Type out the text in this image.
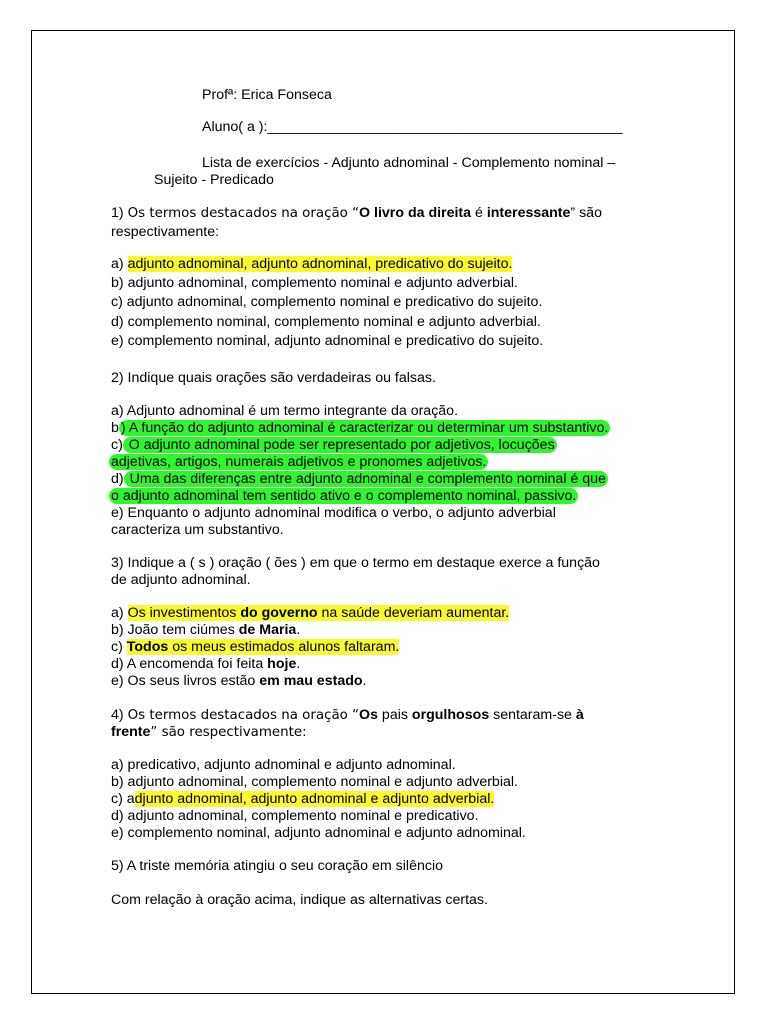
Profª: Erica Fonseca
Aluno( a ):_____________________________________________
Lista de exercícios - Adjunto adnominal - Complemento nominal –
Sujeito - Predicado
1) Os termos destacados na oração “O livro da direita é interessante” são
respectivamente:
a) adjunto adnominal, adjunto adnominal, predicativo do sujeito.
b) adjunto adnominal, complemento nominal e adjunto adverbial.
c) adjunto adnominal, complemento nominal e predicativo do sujeito.
d) complemento nominal, complemento nominal e adjunto adverbial.
e) complemento nominal, adjunto adnominal e predicativo do sujeito.
2) Indique quais orações são verdadeiras ou falsas.
a) Adjunto adnominal é um termo integrante da oração.
b ) A função do adjunto adnominal é caracterizar ou determinar um substantivo.
c) O adjunto adnominal pode ser representado por adjetivos, locuções
adjetivas, artigos, numerais adjetivos e pronomes adjetivos.
d) Uma das diferenças entre adjunto adnominal e complemento nominal é que
o adjunto adnominal tem sentido ativo e o complemento nominal, passivo.
e) Enquanto o adjunto adnominal modifica o verbo, o adjunto adverbial
caracteriza um substantivo.
3) Indique a ( s ) oração ( ões ) em que o termo em destaque exerce a função
de adjunto adnominal.
a) Os investimentos do governo na saúde deveriam aumentar.
b) João tem ciúmes de Maria.
c) Todos os meus estimados alunos faltaram.
d) A encomenda foi feita hoje.
e) Os seus livros estão em mau estado.
4) Os termos destacados na oração “Os pais orgulhosos sentaram-se à
frente” são respectivamente:
a) predicativo, adjunto adnominal e adjunto adnominal.
b) adjunto adnominal, complemento nominal e adjunto adverbial.
c) adjunto adnominal, adjunto adnominal e adjunto adverbial.
d) adjunto adnominal, complemento nominal e predicativo.
e) complemento nominal, adjunto adnominal e adjunto adnominal.
5) A triste memória atingiu o seu coração em silêncio
Com relação à oração acima, indique as alternativas certas.
